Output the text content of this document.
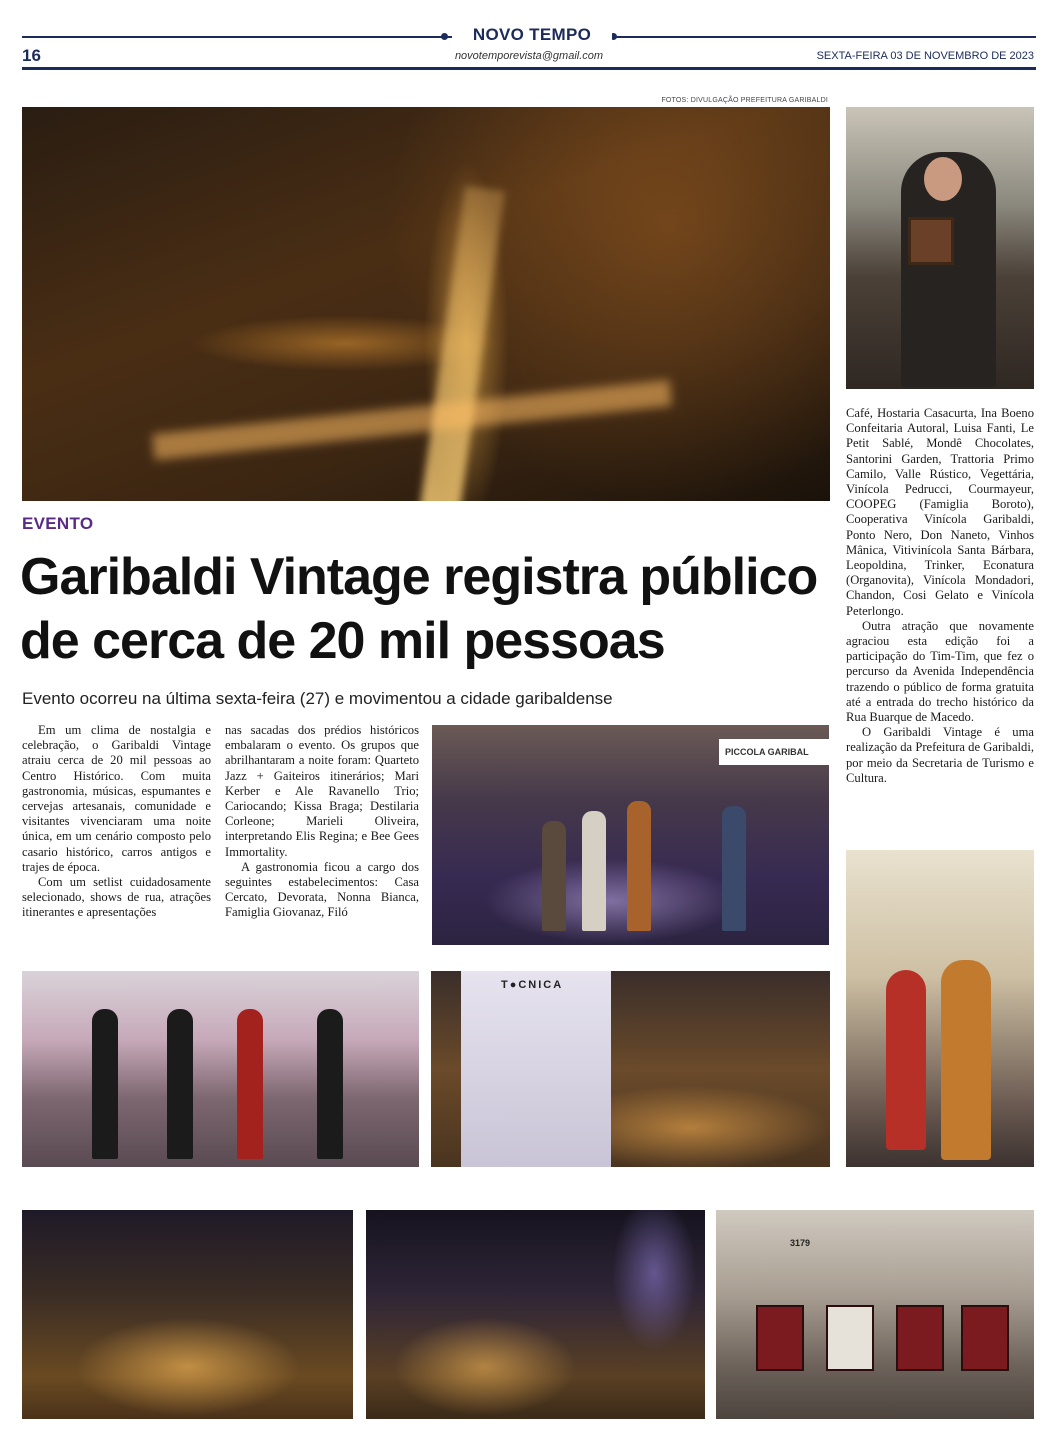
NOVO TEMPO
16	novotemporevista@gmail.com	SEXTA-FEIRA 03 DE NOVEMBRO DE 2023
FOTOS: DIVULGAÇÃO PREFEITURA GARIBALDI
EVENTO
Garibaldi Vintage registra público de cerca de 20 mil pessoas
Evento ocorreu na última sexta-feira (27) e movimentou a cidade garibaldense

Em um clima de nostalgia e celebração, o Garibaldi Vintage atraiu cerca de 20 mil pessoas ao Centro Histórico. Com muita gastronomia, músicas, espumantes e cervejas artesanais, comunidade e visitantes vivenciaram uma noite única, em um cenário composto pelo casario histórico, carros antigos e trajes de época.

Com um setlist cuidadosamente selecionado, shows de rua, atrações itinerantes e apresentações

nas sacadas dos prédios históricos embalaram o evento. Os grupos que abrilhantaram a noite foram: Quarteto Jazz + Gaiteiros itinerários; Mari Kerber e Ale Ravanello Trio; Cariocando; Kissa Braga; Destilaria Corleone; Marieli Oliveira, interpretando Elis Regina; e Bee Gees Immortality.

A gastronomia ficou a cargo dos seguintes estabelecimentos: Casa Cercato, Devorata, Nonna Bianca, Famiglia Giovanaz, Filó

Café, Hostaria Casacurta, Ina Boeno Confeitaria Autoral, Luisa Fanti, Le Petit Sablé, Mondê Chocolates, Santorini Garden, Trattoria Primo Camilo, Valle Rústico, Vegettária, Vinícola Pedrucci, Courmayeur, COOPEG (Famiglia Boroto), Cooperativa Vinícola Garibaldi, Ponto Nero, Don Naneto, Vinhos Mânica, Vitivinícola Santa Bárbara, Leopoldina, Trinker, Econatura (Organovita), Vinícola Mondadori, Chandon, Cosi Gelato e Vinícola Peterlongo.

Outra atração que novamente agraciou esta edição foi a participação do Tim-Tim, que fez o percurso da Avenida Independência trazendo o público de forma gratuita até a entrada do trecho histórico da Rua Buarque de Macedo.

O Garibaldi Vintage é uma realização da Prefeitura de Garibaldi, por meio da Secretaria de Turismo e Cultura.

PICCOLA GARIBAL
T●CNICA
3179
